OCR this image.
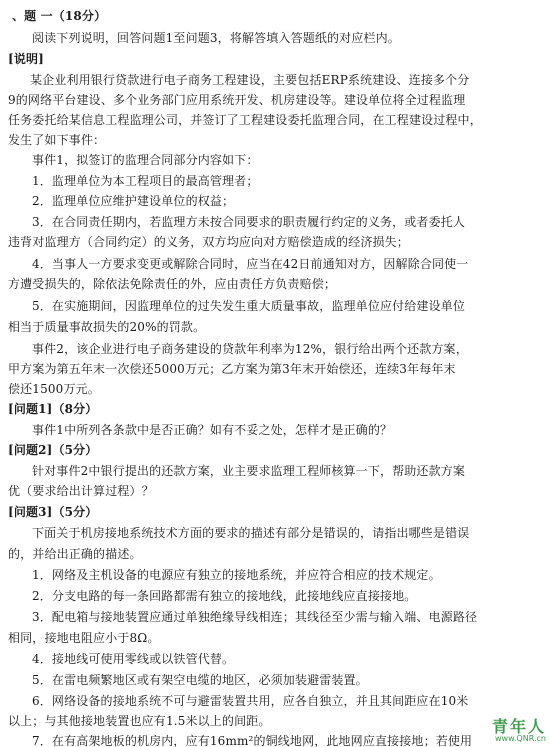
、题 一（18分）
阅读下列说明，回答问题1至问题3，将解答填入答题纸的对应栏内。
[说明]
某企业利用银行贷款进行电子商务工程建设，主要包括ERP系统建设、连接多个分
9的网络平台建设、多个业务部门应用系统开发、机房建设等。建设单位将全过程监理
任务委托给某信息工程监理公司，并签订了工程建设委托监理合同，在工程建设过程中，
发生了如下事件：
事件1，拟签订的监理合同部分内容如下：
1．监理单位为本工程项目的最高管理者；
2．监理单位应维护建设单位的权益；
3．在合同责任期内，若监理方未按合同要求的职责履行约定的义务，或者委托人
违背对监理方（合同约定）的义务，双方均应向对方赔偿造成的经济损失；
4．当事人一方要求变更或解除合同时，应当在42日前通知对方，因解除合同使一
方遭受损失的，除依法免除责任的外，应由责任方负责赔偿；
5．在实施期间，因监理单位的过失发生重大质量事故，监理单位应付给建设单位
相当于质量事故损失的20%的罚款。
事件2，该企业进行电子商务建设的贷款年利率为12%，银行给出两个还款方案，
甲方案为第五年末一次偿还5000万元；乙方案为第3年末开始偿还，连续3年每年末
偿还1500万元。
[问题1]（8分）
事件1中所列各条款中是否正确？如有不妥之处，怎样才是正确的？
[问题2]（5分）
针对事件2中银行提出的还款方案，业主要求监理工程师核算一下，帮助还款方案
优（要求给出计算过程）？
[问题3]（5分）
下面关于机房接地系统技术方面的要求的描述有部分是错误的，请指出哪些是错误
的，并给出正确的描述。
1．网络及主机设备的电源应有独立的接地系统，并应符合相应的技术规定。
2．分支电路的每一条回路都需有独立的接地线，此接地线应直接接地。
3．配电箱与接地装置应通过单独绝缘导线相连；其线径至少需与输入端、电源路径
相同，接地电阻应小于8Ω。
4．接地线可使用零线或以铁管代替。
5．在雷电频繁地区或有架空电缆的地区，必须加装避雷装置。
6．网络设备的接地系统不可与避雷装置共用，应各自独立，并且其间距应在10米
以上；与其他接地装置也应有1.5米以上的间距。
7．在有高架地板的机房内，应有16mm²的铜线地网，此地网应直接接地；若使用
青年人
www.QNR.cn
